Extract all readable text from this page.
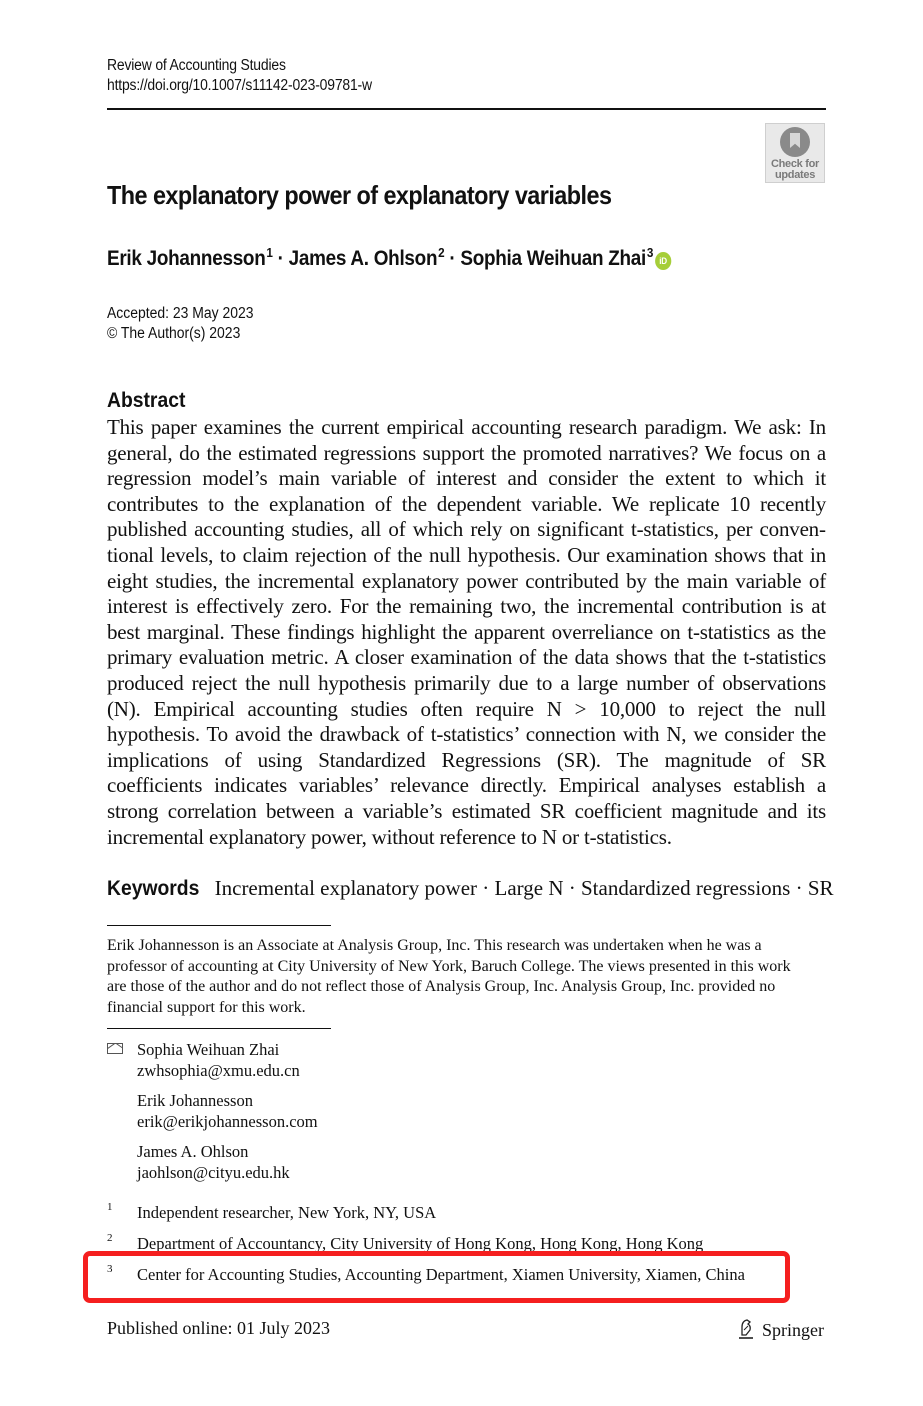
Review of Accounting Studies
https://doi.org/10.1007/s11142-023-09781-w
Check for updates
The explanatory power of explanatory variables
Erik Johannesson$^1$ · James A. Ohlson$^2$ · Sophia Weihuan Zhai$^3$iD
Accepted: 23 May 2023
© The Author(s) 2023
Abstract
This paper examines the current empirical accounting research paradigm. We ask: In general, do the estimated regressions support the promoted narratives? We focus on a regression model’s main variable of interest and consider the extent to which it contributes to the explanation of the dependent variable. We replicate 10 recently published accounting studies, all of which rely on significant t-statistics, per conventional levels, to claim rejection of the null hypothesis. Our examination shows that in eight studies, the incremental explanatory power contributed by the main variable of interest is effectively zero. For the remaining two, the incremental contribution is at best marginal. These findings highlight the apparent overreliance on t-statistics as the primary evaluation metric. A closer examination of the data shows that the t-statistics produced reject the null hypothesis primarily due to a large number of observations (N). Empirical accounting studies often require N > 10,000 to reject the null hypothesis. To avoid the drawback of t-statistics’ connection with N, we consider the implications of using Standardized Regressions (SR). The magnitude of SR coefficients indicates variables’ relevance directly. Empirical analyses establish a strong correlation between a variable’s estimated SR coefficient magnitude and its incremental explanatory power, without reference to N or t-statistics.
Keywords Incremental explanatory power · Large N · Standardized regressions · SR
Erik Johannesson is an Associate at Analysis Group, Inc. This research was undertaken when he was a professor of accounting at City University of New York, Baruch College. The views presented in this work are those of the author and do not reflect those of Analysis Group, Inc. Analysis Group, Inc. provided no financial support for this work.
Sophia Weihuan Zhai
zwhsophia@xmu.edu.cn
Erik Johannesson
erik@erikjohannesson.com
James A. Ohlson
jaohlson@cityu.edu.hk
1 Independent researcher, New York, NY, USA
2 Department of Accountancy, City University of Hong Kong, Hong Kong, Hong Kong
3 Center for Accounting Studies, Accounting Department, Xiamen University, Xiamen, China
Published online: 01 July 2023	Springer
